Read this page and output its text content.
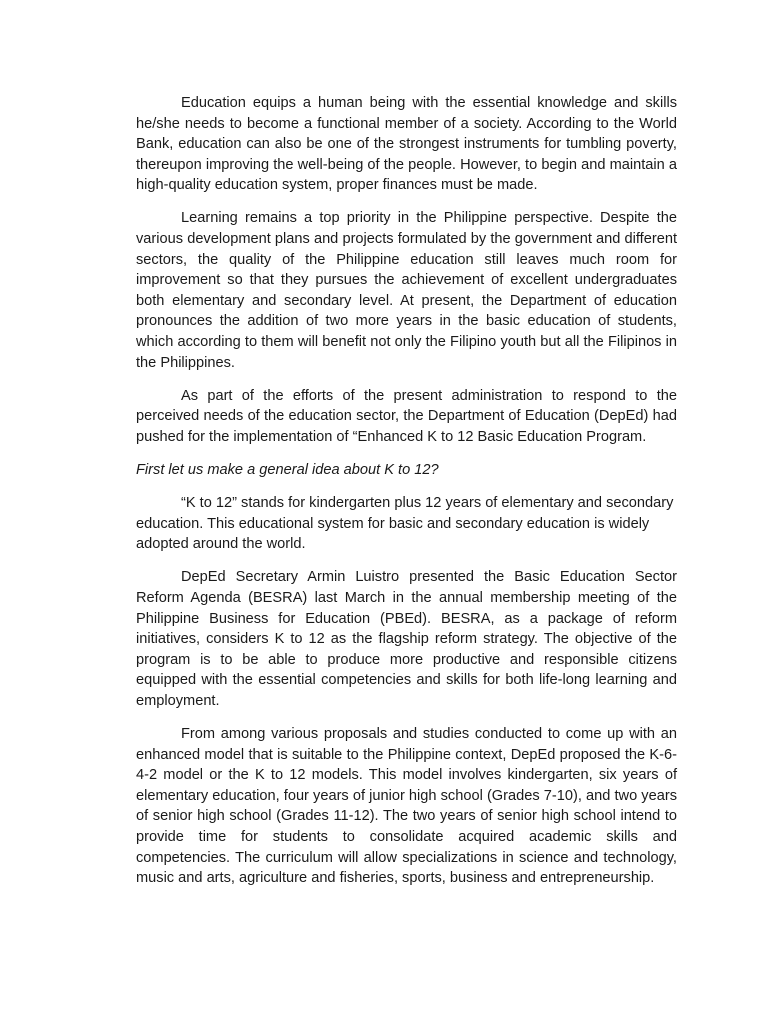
Education equips a human being with the essential knowledge and skills he/she needs to become a functional member of a society. According to the World Bank, education can also be one of the strongest instruments for tumbling poverty, thereupon improving the well-being of the people. However, to begin and maintain a high-quality education system, proper finances must be made.

Learning remains a top priority in the Philippine perspective. Despite the various development plans and projects formulated by the government and different sectors, the quality of the Philippine education still leaves much room for improvement so that they pursues the achievement of excellent undergraduates both elementary and secondary level. At present, the Department of education pronounces the addition of two more years in the basic education of students, which according to them will benefit not only the Filipino youth but all the Filipinos in the Philippines.

As part of the efforts of the present administration to respond to the perceived needs of the education sector, the Department of Education (DepEd) had pushed for the implementation of “Enhanced K to 12 Basic Education Program.

First let us make a general idea about K to 12?

“K to 12” stands for kindergarten plus 12 years of elementary and secondary education. This educational system for basic and secondary education is widely adopted around the world.

DepEd Secretary Armin Luistro presented the Basic Education Sector Reform Agenda (BESRA) last March in the annual membership meeting of the Philippine Business for Education (PBEd). BESRA, as a package of reform initiatives, considers K to 12 as the flagship reform strategy. The objective of the program is to be able to produce more productive and responsible citizens equipped with the essential competencies and skills for both life-long learning and employment.

From among various proposals and studies conducted to come up with an enhanced model that is suitable to the Philippine context, DepEd proposed the K-6-4-2 model or the K to 12 models. This model involves kindergarten, six years of elementary education, four years of junior high school (Grades 7-10), and two years of senior high school (Grades 11-12). The two years of senior high school intend to provide time for students to consolidate acquired academic skills and competencies. The curriculum will allow specializations in science and technology, music and arts, agriculture and fisheries, sports, business and entrepreneurship.
